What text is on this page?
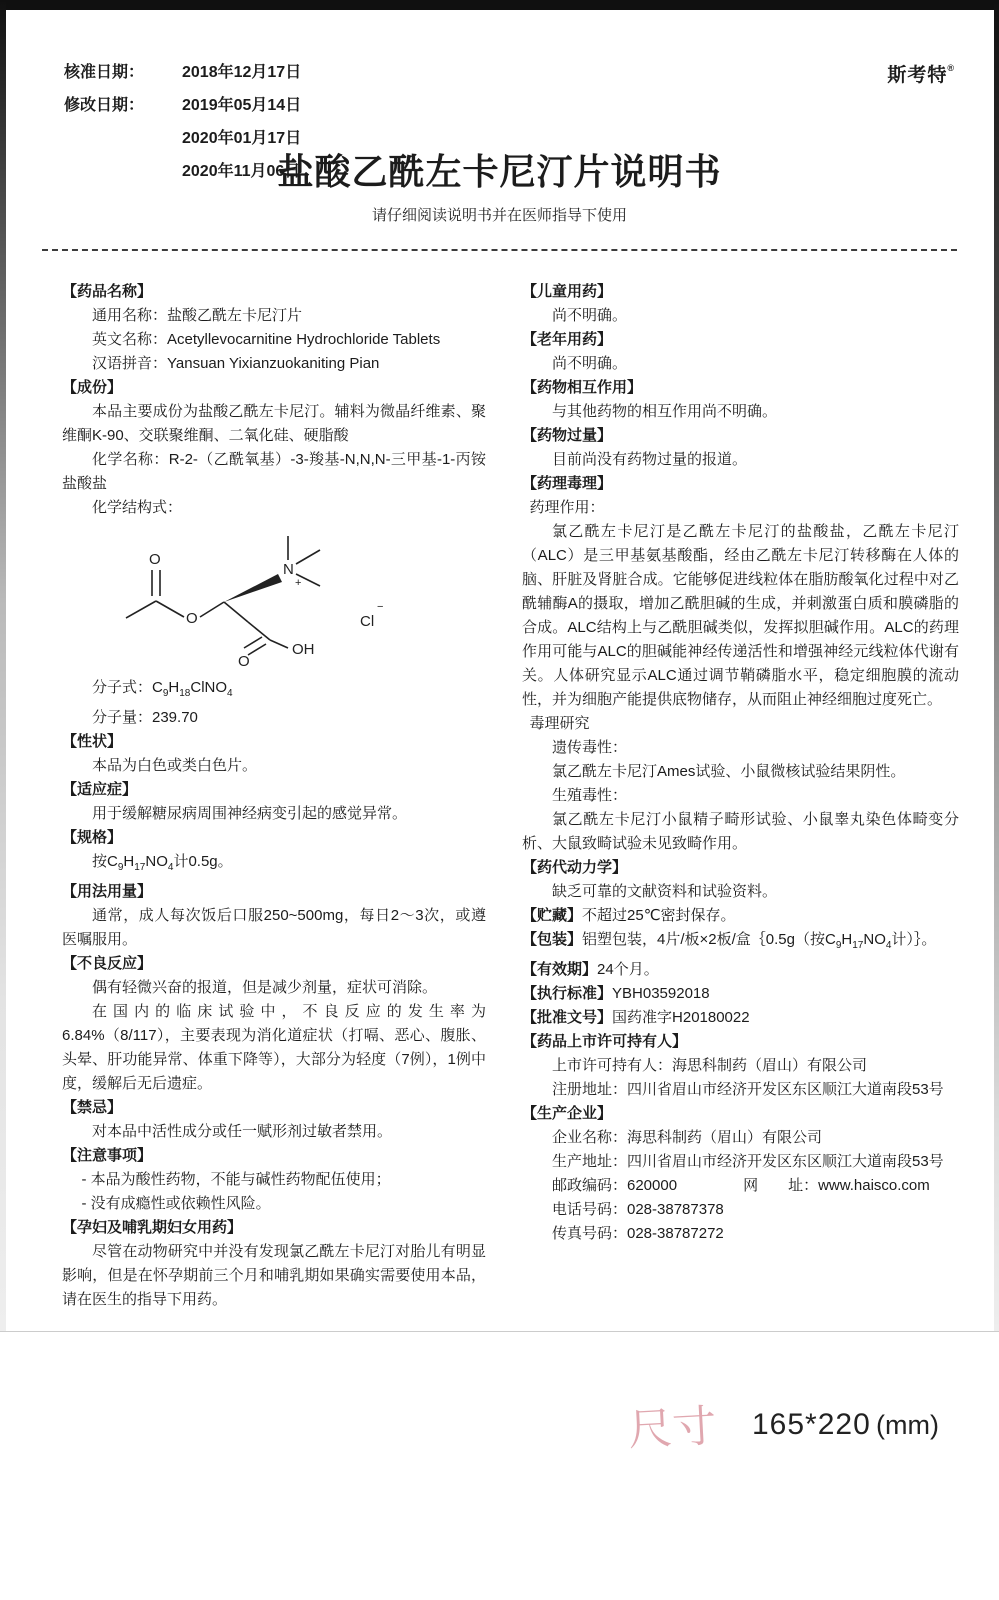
核准日期： 2018年12月17日
修改日期： 2019年05月14日
2020年01月17日
2020年11月06日
斯考特®
盐酸乙酰左卡尼汀片说明书
请仔细阅读说明书并在医师指导下使用
【药品名称】
通用名称：盐酸乙酰左卡尼汀片
英文名称：Acetyllevocarnitine Hydrochloride Tablets
汉语拼音：Yansuan Yixianzuokaniting Pian
【成份】
本品主要成份为盐酸乙酰左卡尼汀。辅料为微晶纤维素、聚维酮K-90、交联聚维酮、二氧化硅、硬脂酸
化学名称：R-2-（乙酰氧基）-3-羧基-N,N,N-三甲基-1-丙铵盐酸盐
化学结构式：
O
O
N
+
O
OH
Cl
−
分子式：$C_9H_{18}ClNO_4$
分子量：239.70
【性状】
本品为白色或类白色片。
【适应症】
用于缓解糖尿病周围神经病变引起的感觉异常。
【规格】
按$C_9H_{17}NO_4$计0.5g。
【用法用量】
通常，成人每次饭后口服250~500mg，每日2～3次，或遵医嘱服用。
【不良反应】
偶有轻微兴奋的报道，但是减少剂量，症状可消除。
在国内的临床试验中，不良反应的发生率为6.84%（8/117），主要表现为消化道症状（打嗝、恶心、腹胀、头晕、肝功能异常、体重下降等），大部分为轻度（7例），1例中度，缓解后无后遗症。
【禁忌】
对本品中活性成分或任一赋形剂过敏者禁用。
【注意事项】
- 本品为酸性药物，不能与碱性药物配伍使用；
- 没有成瘾性或依赖性风险。
【孕妇及哺乳期妇女用药】
尽管在动物研究中并没有发现氯乙酰左卡尼汀对胎儿有明显影响，但是在怀孕期前三个月和哺乳期如果确实需要使用本品，请在医生的指导下用药。
【儿童用药】
尚不明确。
【老年用药】
尚不明确。
【药物相互作用】
与其他药物的相互作用尚不明确。
【药物过量】
目前尚没有药物过量的报道。
【药理毒理】
药理作用：
氯乙酰左卡尼汀是乙酰左卡尼汀的盐酸盐，乙酰左卡尼汀（ALC）是三甲基氨基酸酯，经由乙酰左卡尼汀转移酶在人体的脑、肝脏及肾脏合成。它能够促进线粒体在脂肪酸氧化过程中对乙酰辅酶A的摄取，增加乙酰胆碱的生成，并刺激蛋白质和膜磷脂的合成。ALC结构上与乙酰胆碱类似，发挥拟胆碱作用。ALC的药理作用可能与ALC的胆碱能神经传递活性和增强神经元线粒体代谢有关。人体研究显示ALC通过调节鞘磷脂水平，稳定细胞膜的流动性，并为细胞产能提供底物储存，从而阻止神经细胞过度死亡。
毒理研究
遗传毒性：
氯乙酰左卡尼汀Ames试验、小鼠微核试验结果阴性。
生殖毒性：
氯乙酰左卡尼汀小鼠精子畸形试验、小鼠睾丸染色体畸变分析、大鼠致畸试验未见致畸作用。
【药代动力学】
缺乏可靠的文献资料和试验资料。
【贮藏】不超过25℃密封保存。
【包装】铝塑包装，4片/板×2板/盒｛0.5g（按$C_9H_{17}NO_4$计）｝。
【有效期】24个月。
【执行标准】YBH03592018
【批准文号】国药准字H20180022
【药品上市许可持有人】
上市许可持有人：海思科制药（眉山）有限公司
注册地址：四川省眉山市经济开发区东区顺江大道南段53号
【生产企业】
企业名称：海思科制药（眉山）有限公司
生产地址：四川省眉山市经济开发区东区顺江大道南段53号
邮政编码：620000	网　　址：www.haisco.com
电话号码：028-38787378
传真号码：028-38787272
尺寸 165*220 (mm)
